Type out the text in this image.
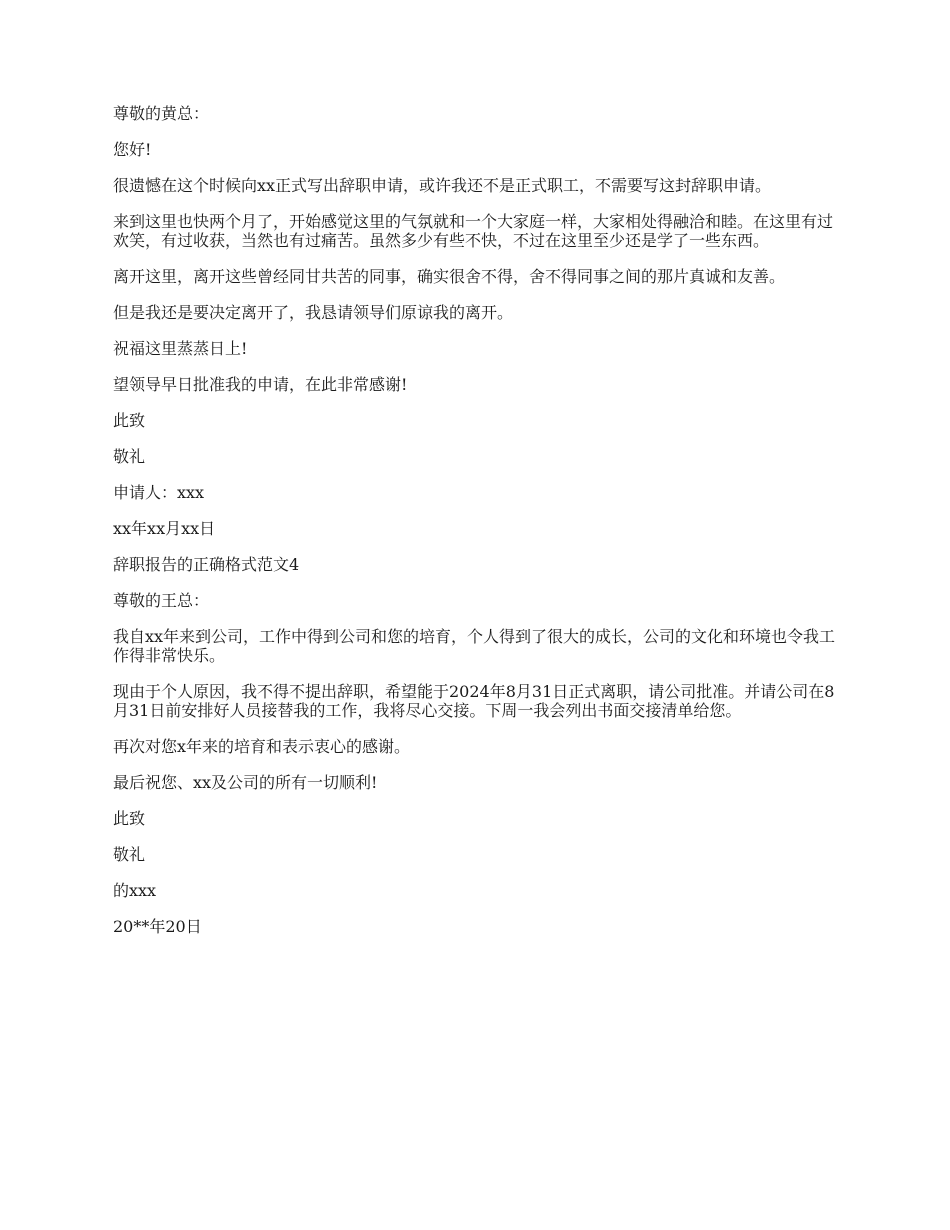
尊敬的黄总：

您好!

很遗憾在这个时候向xx正式写出辞职申请，或许我还不是正式职工，不需要写这封辞职申请。

来到这里也快两个月了，开始感觉这里的气氛就和一个大家庭一样，大家相处得融洽和睦。在这里有过欢笑，有过收获，当然也有过痛苦。虽然多少有些不快，不过在这里至少还是学了一些东西。

离开这里，离开这些曾经同甘共苦的同事，确实很舍不得，舍不得同事之间的那片真诚和友善。

但是我还是要决定离开了，我恳请领导们原谅我的离开。

祝福这里蒸蒸日上!

望领导早日批准我的申请，在此非常感谢!

此致

敬礼

申请人：xxx

xx年xx月xx日

辞职报告的正确格式范文4

尊敬的王总：

我自xx年来到公司，工作中得到公司和您的培育，个人得到了很大的成长，公司的文化和环境也令我工作得非常快乐。

现由于个人原因，我不得不提出辞职，希望能于2024年8月31日正式离职，请公司批准。并请公司在8月31日前安排好人员接替我的工作，我将尽心交接。下周一我会列出书面交接清单给您。

再次对您x年来的培育和表示衷心的感谢。

最后祝您、xx及公司的所有一切顺利!

此致

敬礼

的xxx

20**年20日
